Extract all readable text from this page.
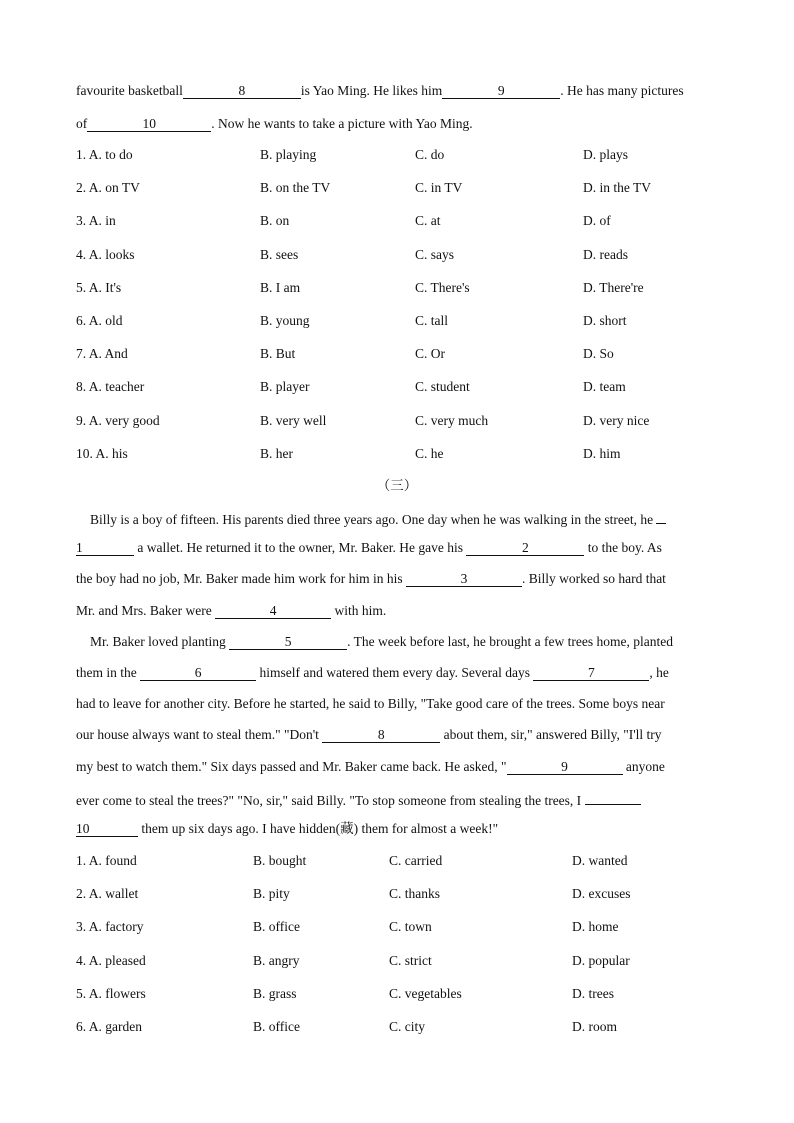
favourite basketball	8	is Yao Ming. He likes him	9	. He has many pictures
of	10	. Now he wants to take a picture with Yao Ming.
1. A. to do	B. playing	C. do	D. plays
2. A. on TV	B. on the TV	C. in TV	D. in the TV
3. A. in	B. on	C. at	D. of
4. A. looks	B. sees	C. says	D. reads
5. A. It's	B. I am	C. There's	D. There're
6. A. old	B. young	C. tall	D. short
7. A. And	B. But	C. Or	D. So
8. A. teacher	B. player	C. student	D. team
9. A. very good	B. very well	C. very much	D. very nice
10. A. his	B. her	C. he	D. him
（三）
Billy is a boy of fifteen. His parents died three years ago. One day when he was walking in the street, he
1	a wallet. He returned it to the owner, Mr. Baker. He gave his	2	to the boy. As
the boy had no job, Mr. Baker made him work for him in his	3	. Billy worked so hard that
Mr. and Mrs. Baker were	4	with him.
Mr. Baker loved planting	5	. The week before last, he brought a few trees home, planted
them in the	6	himself and watered them every day. Several days	7	, he
had to leave for another city. Before he started, he said to Billy, "Take good care of the trees. Some boys near
our house always want to steal them." "Don't	8	about them, sir," answered Billy, "I'll try
my best to watch them." Six days passed and Mr. Baker came back. He asked, "	9	anyone
ever come to steal the trees?" "No, sir," said Billy. "To stop someone from stealing the trees, I
10	them up six days ago. I have hidden(藏) them for almost a week!"
1. A. found	B. bought	C. carried	D. wanted
2. A. wallet	B. pity	C. thanks	D. excuses
3. A. factory	B. office	C. town	D. home
4. A. pleased	B. angry	C. strict	D. popular
5. A. flowers	B. grass	C. vegetables	D. trees
6. A. garden	B. office	C. city	D. room
